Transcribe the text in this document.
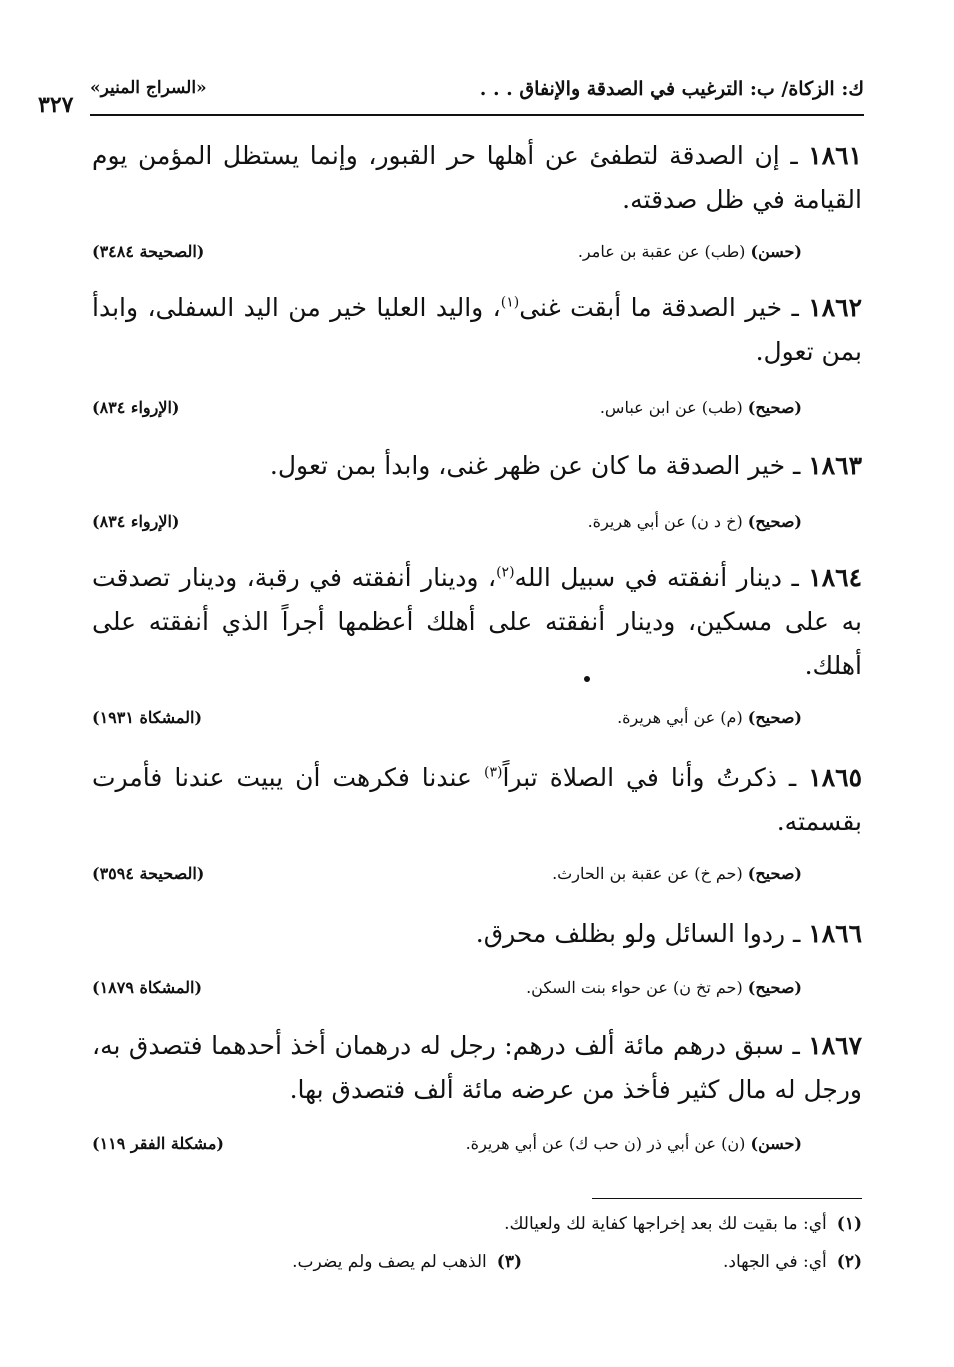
ك: الزكاة/ ب: الترغيب في الصدقة والإنفاق . . .
«السراج المنير»
٣٢٧
١٨٦١ ـ إن الصدقة لتطفئ عن أهلها حر القبور، وإنما يستظل المؤمن يوم القيامة في ظل صدقته.
(حسن) (طب) عن عقبة بن عامر.
(الصحيحة ٣٤٨٤)
١٨٦٢ ـ خير الصدقة ما أبقت غنى$^{(١)}$، واليد العليا خير من اليد السفلى، وابدأ بمن تعول.
(صحيح) (طب) عن ابن عباس.
(الإرواء ٨٣٤)
١٨٦٣ ـ خير الصدقة ما كان عن ظهر غنى، وابدأ بمن تعول.
(صحيح) (خ د ن) عن أبي هريرة.
(الإرواء ٨٣٤)
١٨٦٤ ـ دينار أنفقته في سبيل الله$^{(٢)}$، ودينار أنفقته في رقبة، ودينار تصدقت به على مسكين، ودينار أنفقته على أهلك أعظمها أجراً الذي أنفقته على أهلك.
(صحيح) (م) عن أبي هريرة.
(المشكاة ١٩٣١)
١٨٦٥ ـ ذكرتُ وأنا في الصلاة تبراً$^{(٣)}$ عندنا فكرهت أن يبيت عندنا فأمرت بقسمته.
(صحيح) (حم خ) عن عقبة بن الحارث.
(الصحيحة ٣٥٩٤)
١٨٦٦ ـ ردوا السائل ولو بظلف محرق.
(صحيح) (حم تخ ن) عن حواء بنت السكن.
(المشكاة ١٨٧٩)
١٨٦٧ ـ سبق درهم مائة ألف درهم: رجل له درهمان أخذ أحدهما فتصدق به، ورجل له مال كثير فأخذ من عرضه مائة ألف فتصدق بها.
(حسن) (ن) عن أبي ذر (ن حب ك) عن أبي هريرة.
(مشكلة الفقر ١١٩)
(١)أي: ما بقيت لك بعد إخراجها كفاية لك ولعيالك.
(٢)أي: في الجهاد.
(٣)الذهب لم يصف ولم يضرب.
